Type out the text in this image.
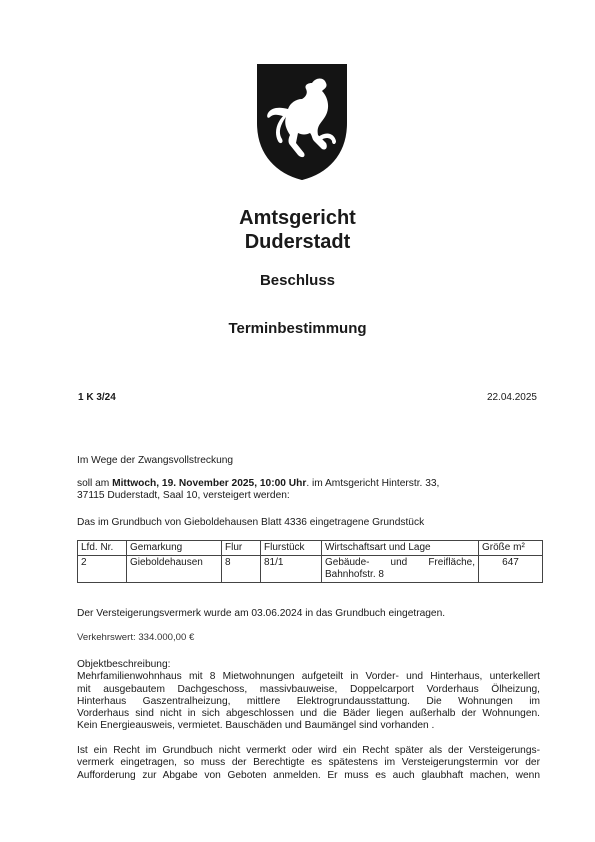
Amtsgericht
Duderstadt
Beschluss
Terminbestimmung
1 K 3/24	22.04.2025
Im Wege der Zwangsvollstreckung
soll am Mittwoch, 19. November 2025, 10:00 Uhr. im Amtsgericht Hinterstr. 33,
37115 Duderstadt, Saal 10, versteigert werden:
Das im Grundbuch von Gieboldehausen Blatt 4336 eingetragene Grundstück
Lfd. Nr.	Gemarkung	Flur	Flurstück	Wirtschaftsart und Lage	Größe m²
2	Gieboldehausen	8	81/1	Gebäude- und Freifläche,
Bahnhofstr. 8	647
Der Versteigerungsvermerk wurde am 03.06.2024 in das Grundbuch eingetragen.
Verkehrswert: 334.000,00 €
Objektbeschreibung:
Mehrfamilienwohnhaus mit 8 Mietwohnungen aufgeteilt in Vorder- und Hinterhaus, unterkellert
mit ausgebautem Dachgeschoss, massivbauweise, Doppelcarport Vorderhaus Ölheizung,
Hinterhaus Gaszentralheizung, mittlere Elektrogrundausstattung. Die Wohnungen im
Vorderhaus sind nicht in sich abgeschlossen und die Bäder liegen außerhalb der Wohnungen.
Kein Energieausweis, vermietet. Bauschäden und Baumängel sind vorhanden .
Ist ein Recht im Grundbuch nicht vermerkt oder wird ein Recht später als der Versteigerungs-
vermerk eingetragen, so muss der Berechtigte es spätestens im Versteigerungstermin vor der
Aufforderung zur Abgabe von Geboten anmelden. Er muss es auch glaubhaft machen, wenn
